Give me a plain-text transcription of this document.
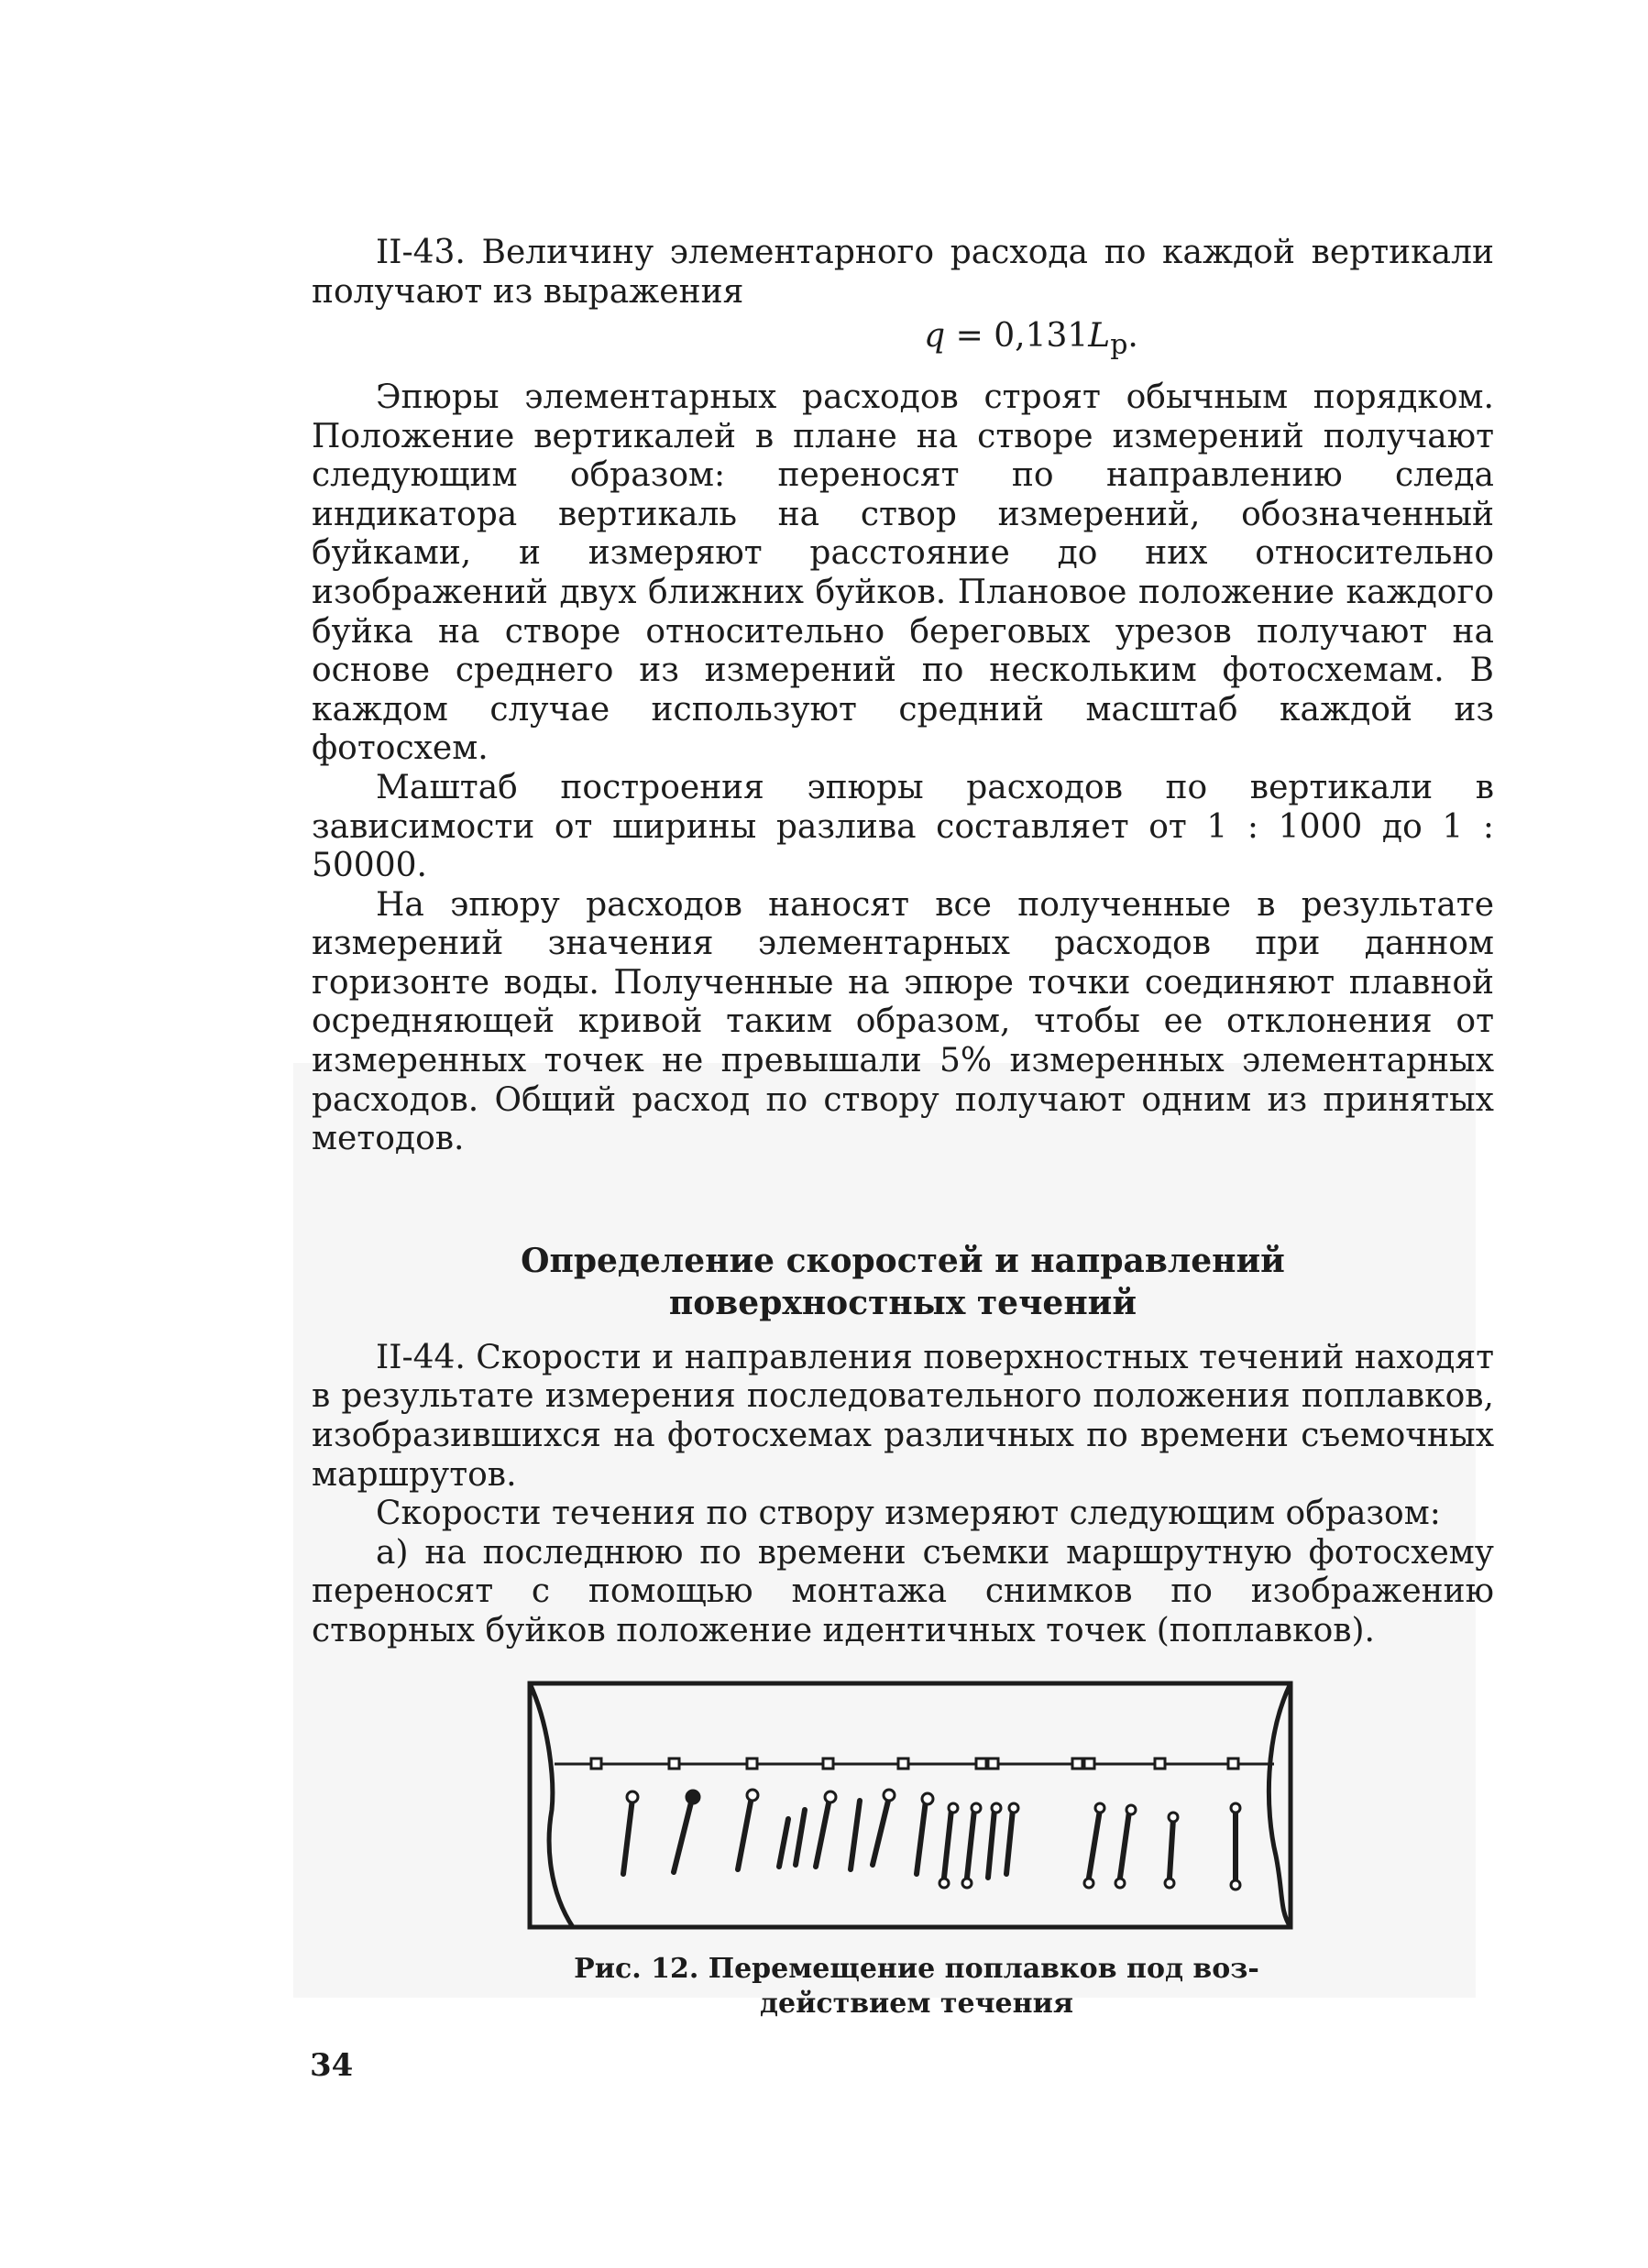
II-43. Величину элементарного расхода по каждой вертикали получают из выражения

$q = 0,131L_р$.

Эпюры элементарных расходов строят обычным порядком. Положение вертикалей в плане на створе измерений получают следующим образом: переносят по направлению следа индикатора вертикаль на створ измерений, обозначенный буйками, и измеряют расстояние до них относительно изображений двух ближних буйков. Плановое положение каждого буйка на створе относительно береговых урезов получают на основе среднего из измерений по нескольким фотосхемам. В каждом случае используют средний масштаб каждой из фотосхем.

Маштаб построения эпюры расходов по вертикали в зависимости от ширины разлива составляет от 1 : 1000 до 1 : 50000.

На эпюру расходов наносят все полученные в результате измерений значения элементарных расходов при данном горизонте воды. Полученные на эпюре точки соединяют плавной осредняющей кривой таким образом, чтобы ее отклонения от измеренных точек не превышали 5% измеренных элементарных расходов. Общий расход по створу получают одним из принятых методов.

Определение скоростей и направлений
поверхностных течений

II-44. Скорости и направления поверхностных течений находят в результате измерения последовательного положения поплавков, изобразившихся на фотосхемах различных по времени съемочных маршрутов.

Скорости течения по створу измеряют следующим образом:

а) на последнюю по времени съемки маршрутную фотосхему переносят с помощью монтажа снимков по изображению створных буйков положение идентичных точек (поплавков).

Рис. 12. Перемещение поплавков под воз-
действием течения
34
